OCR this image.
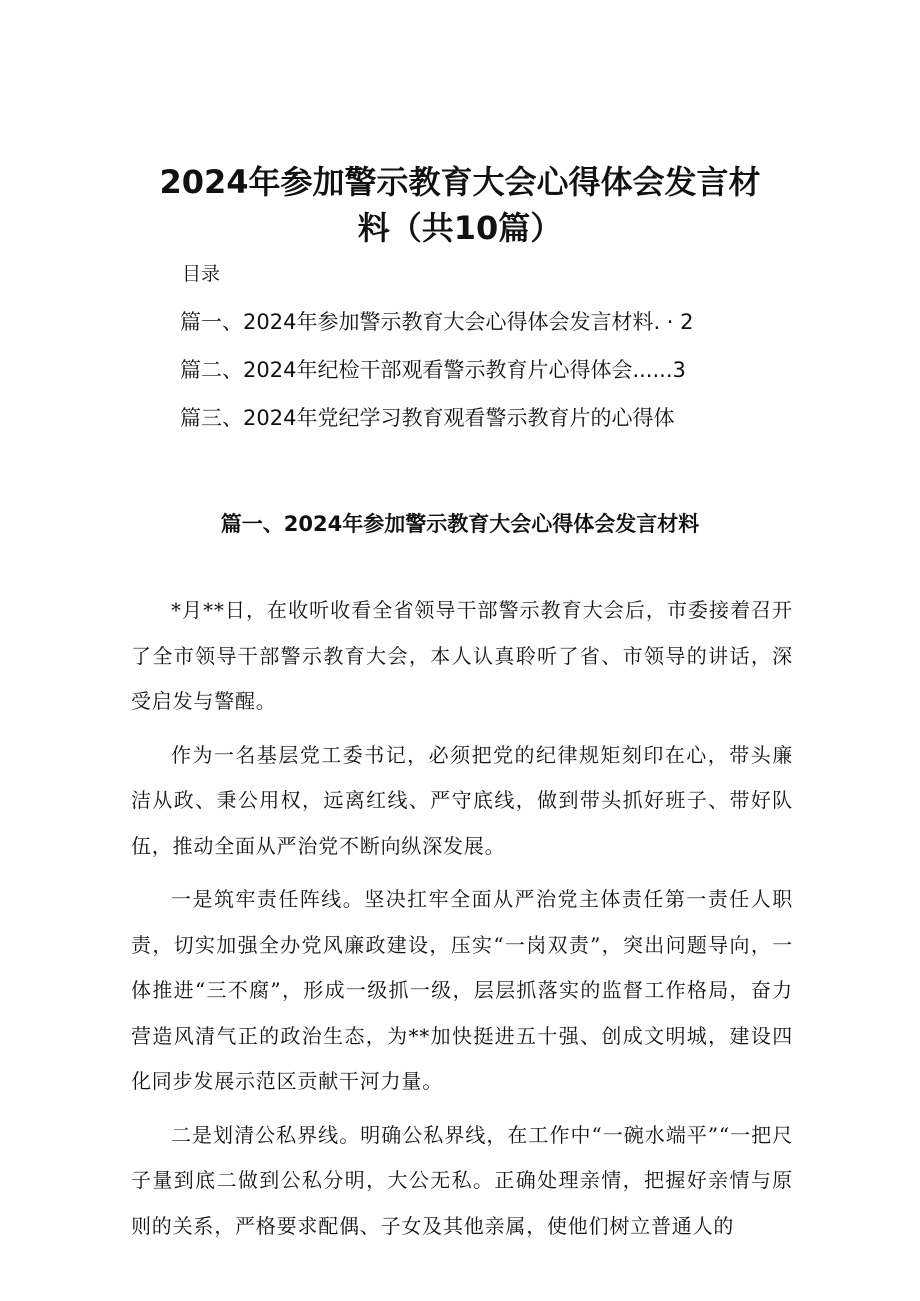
2024年参加警示教育大会心得体会发言材
料（共10篇）
目录
篇一、2024年参加警示教育大会心得体会发言材料. · 2
篇二、2024年纪检干部观看警示教育片心得体会......3
篇三、2024年党纪学习教育观看警示教育片的心得体
篇一、2024年参加警示教育大会心得体会发言材料

*月**日，在收听收看全省领导干部警示教育大会后，市委接着召开了全市领导干部警示教育大会，本人认真聆听了省、市领导的讲话，深受启发与警醒。

作为一名基层党工委书记，必须把党的纪律规矩刻印在心，带头廉洁从政、秉公用权，远离红线、严守底线，做到带头抓好班子、带好队伍，推动全面从严治党不断向纵深发展。

一是筑牢责任阵线。坚决扛牢全面从严治党主体责任第一责任人职责，切实加强全办党风廉政建设，压实“一岗双责”，突出问题导向，一体推进“三不腐”，形成一级抓一级，层层抓落实的监督工作格局，奋力营造风清气正的政治生态，为**加快挺进五十强、创成文明城，建设四化同步发展示范区贡献干河力量。

二是划清公私界线。明确公私界线，在工作中“一碗水端平”“一把尺子量到底二做到公私分明，大公无私。正确处理亲情，把握好亲情与原则的关系，严格要求配偶、子女及其他亲属，使他们树立普通人的
